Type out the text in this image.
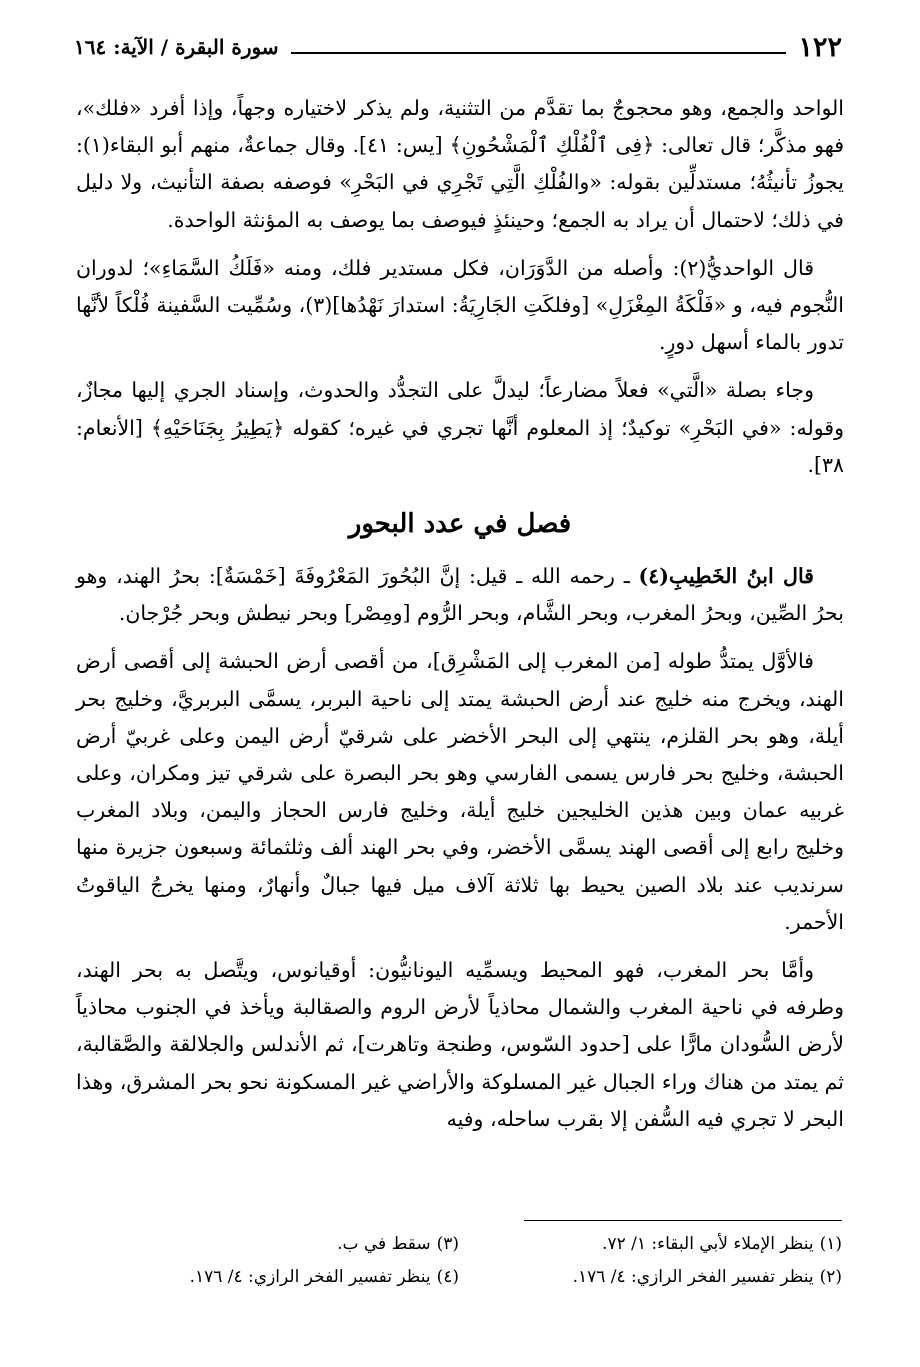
١٢٢
سورة البقرة / الآية: ١٦٤

الواحد والجمع، وهو محجوجٌ بما تقدَّم من التثنية، ولم يذكر لاختياره وجهاً، وإذا أفرد «فلك»، فهو مذكَّر؛ قال تعالى: ﴿فِى ٱلْفُلْكِ ٱلْمَشْحُونِ﴾ [يس: ٤١]. وقال جماعةٌ، منهم أبو البقاء(١): يجوزُ تأنيثُهُ؛ مستدلِّين بقوله: «والفُلْكِ الَّتِي تَجْرِي في البَحْرِ» فوصفه بصفة التأنيث، ولا دليل في ذلك؛ لاحتمال أن يراد به الجمع؛ وحينئذٍ فيوصف بما يوصف به المؤنثة الواحدة.

قال الواحديُّ(٢): وأصله من الدَّوَرَان، فكل مستدير فلك، ومنه «فَلَكُ السَّمَاءِ»؛ لدوران النُّجوم فيه، و «فَلْكَةُ المِغْزَلِ» [وفلكَتِ الجَارِيَةُ: استدارَ نَهْدُها](٣)، وسُمِّيت السَّفينة فُلْكاً لأنَّها تدور بالماء أسهل دورٍ.

وجاء بصلة «الَّتي» فعلاً مضارعاً؛ ليدلَّ على التجدُّد والحدوث، وإسناد الجري إليها مجازٌ، وقوله: «في البَحْرِ» توكيدٌ؛ إذ المعلوم أنَّها تجري في غيره؛ كقوله ﴿يَطِيرُ بِجَنَاحَيْهِ﴾ [الأنعام: ٣٨].

فصل في عدد البحور

قال ابنُ الخَطِيبِ(٤) ـ رحمه الله ـ قيل: إنَّ البُحُورَ المَعْرُوفَةَ [خَمْسَةٌ]: بحرُ الهند، وهو بحرُ الصِّين، وبحرُ المغرب، وبحر الشَّام، وبحر الرُّوم [ومِصْر] وبحر نيطش وبحر جُرْجان.

فالأوَّل يمتدُّ طوله [من المغرب إلى المَشْرِق]، من أقصى أرض الحبشة إلى أقصى أرض الهند، ويخرج منه خليج عند أرض الحبشة يمتد إلى ناحية البربر، يسمَّى البربريَّ، وخليج بحر أيلة، وهو بحر القلزم، ينتهي إلى البحر الأخضر على شرقيّ أرض اليمن وعلى غربيّ أرض الحبشة، وخليج بحر فارس يسمى الفارسي وهو بحر البصرة على شرقي تيز ومكران، وعلى غربيه عمان وبين هذين الخليجين خليج أيلة، وخليج فارس الحجاز واليمن، وبلاد المغرب وخليج رابع إلى أقصى الهند يسمَّى الأخضر، وفي بحر الهند ألف وثلثمائة وسبعون جزيرة منها سرنديب عند بلاد الصين يحيط بها ثلاثة آلاف ميل فيها جبالٌ وأنهارٌ، ومنها يخرجُ الياقوتُ الأحمر.

وأمَّا بحر المغرب، فهو المحيط ويسمِّيه اليونانيُّون: أوقيانوس، ويتَّصل به بحر الهند، وطرفه في ناحية المغرب والشمال محاذياً لأرض الروم والصقالبة ويأخذ في الجنوب محاذياً لأرض السُّودان مارًّا على [حدود السّوس، وطنجة وتاهرت]، ثم الأندلس والجلالقة والصَّقالبة، ثم يمتد من هناك وراء الجبال غير المسلوكة والأراضي غير المسكونة نحو بحر المشرق، وهذا البحر لا تجري فيه السُّفن إلا بقرب ساحله، وفيه

(١)ينظر الإملاء لأبي البقاء: ١/ ٧٢.
(٣)سقط في ب.
(٢)ينظر تفسير الفخر الرازي: ٤/ ١٧٦.
(٤)ينظر تفسير الفخر الرازي: ٤/ ١٧٦.
